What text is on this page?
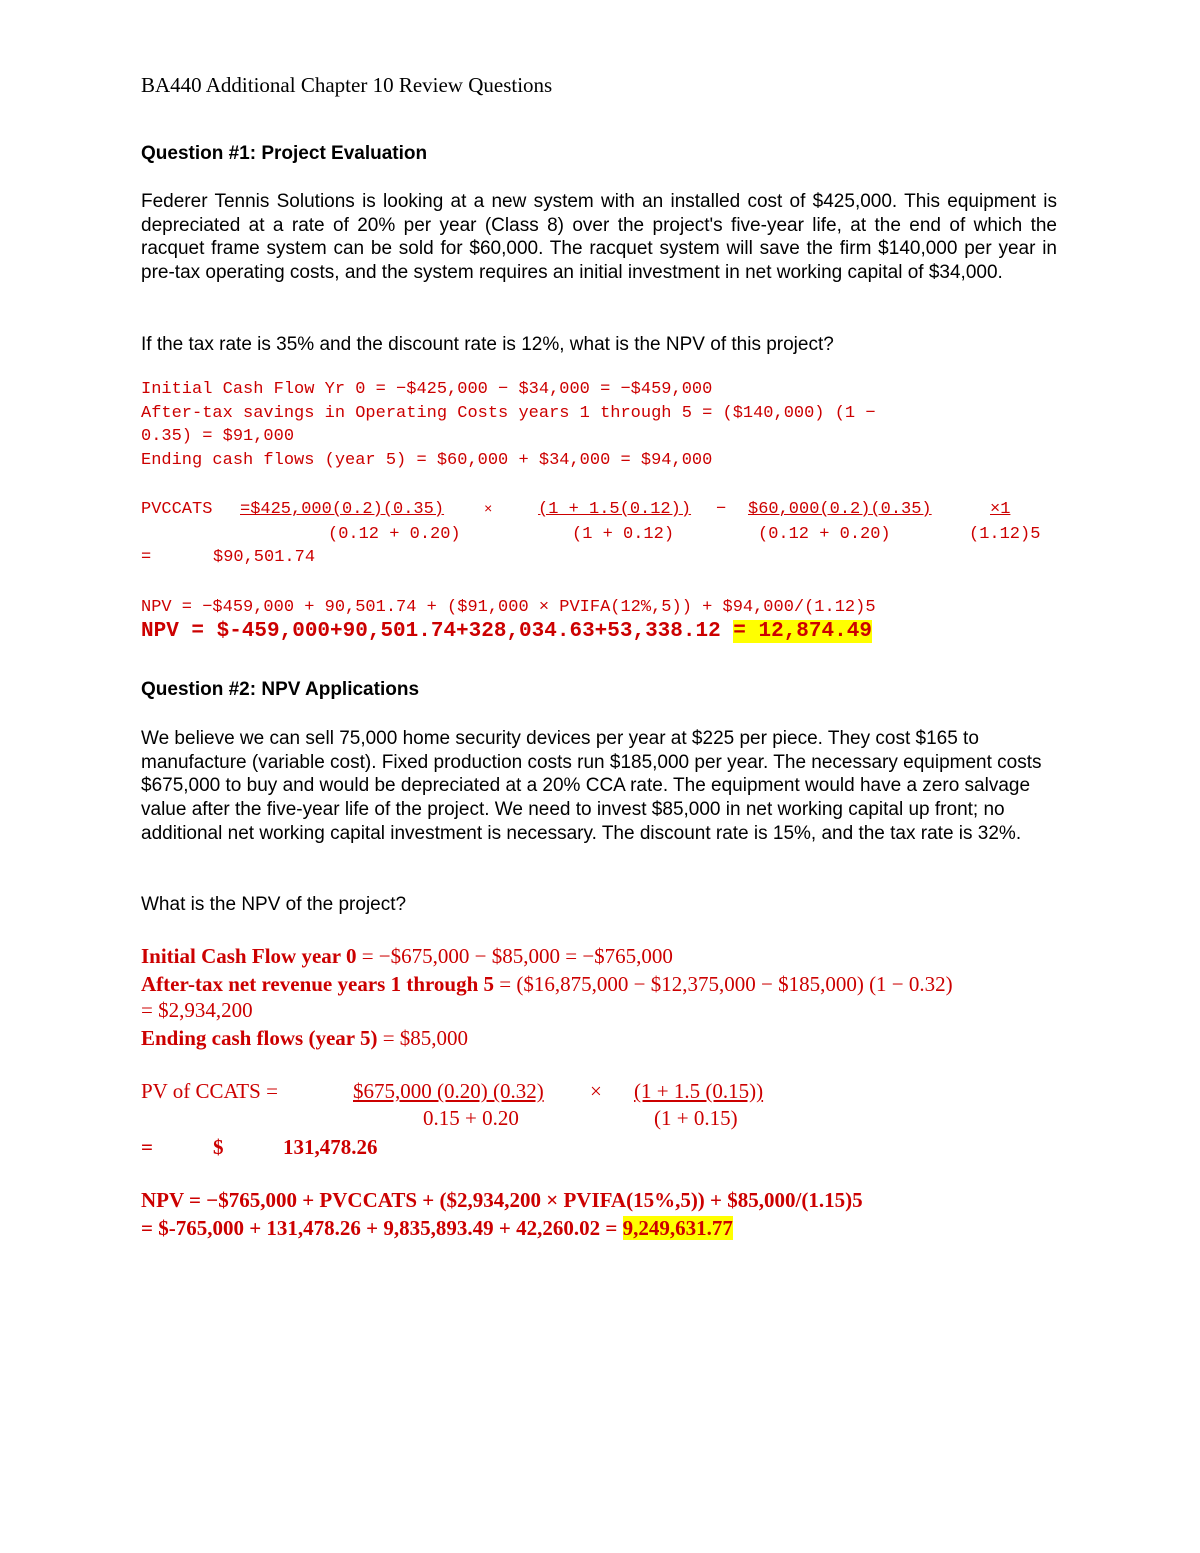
BA440 Additional Chapter 10 Review Questions
Question #1: Project Evaluation

Federer Tennis Solutions is looking at a new system with an installed cost of $425,000. This equipment is depreciated at a rate of 20% per year (Class 8) over the project's five-year life, at the end of which the racquet frame system can be sold for $60,000. The racquet system will save the firm $140,000 per year in pre-tax operating costs, and the system requires an initial investment in net working capital of $34,000.

If the tax rate is 35% and the discount rate is 12%, what is the NPV of this project?
Initial Cash Flow Yr 0 = −$425,000 − $34,000 = −$459,000
After-tax savings in Operating Costs years 1 through 5 = ($140,000) (1 −
0.35) = $91,000
Ending cash flows (year 5) = $60,000 + $34,000 = $94,000
PVCCATS =$425,000(0.2)(0.35)	×	(1 + 1.5(0.12)) − $60,000(0.2)(0.35)	×1
(0.12 + 0.20)	(1 + 0.12)	(0.12 + 0.20)	(1.12)5
=	$90,501.74
NPV = −$459,000 + 90,501.74 + ($91,000 × PVIFA(12%,5)) + $94,000/(1.12)5
NPV = $-459,000+90,501.74+328,034.63+53,338.12 = 12,874.49
Question #2: NPV Applications

We believe we can sell 75,000 home security devices per year at $225 per piece. They cost $165 to manufacture (variable cost). Fixed production costs run $185,000 per year. The necessary equipment costs $675,000 to buy and would be depreciated at a 20% CCA rate. The equipment would have a zero salvage value after the five-year life of the project. We need to invest $85,000 in net working capital up front; no additional net working capital investment is necessary. The discount rate is 15%, and the tax rate is 32%.

What is the NPV of the project?
Initial Cash Flow year 0 = −$675,000 − $85,000 = −$765,000
After-tax net revenue years 1 through 5 = ($16,875,000 − $12,375,000 − $185,000) (1 − 0.32)
= $2,934,200
Ending cash flows (year 5) = $85,000
PV of CCATS =	$675,000 (0.20) (0.32) × (1 + 1.5 (0.15))
0.15 + 0.20	(1 + 0.15)
=	$	131,478.26
NPV = −$765,000 + PVCCATS + ($2,934,200 × PVIFA(15%,5)) + $85,000/(1.15)5
= $-765,000 + 131,478.26 + 9,835,893.49 + 42,260.02 = 9,249,631.77
